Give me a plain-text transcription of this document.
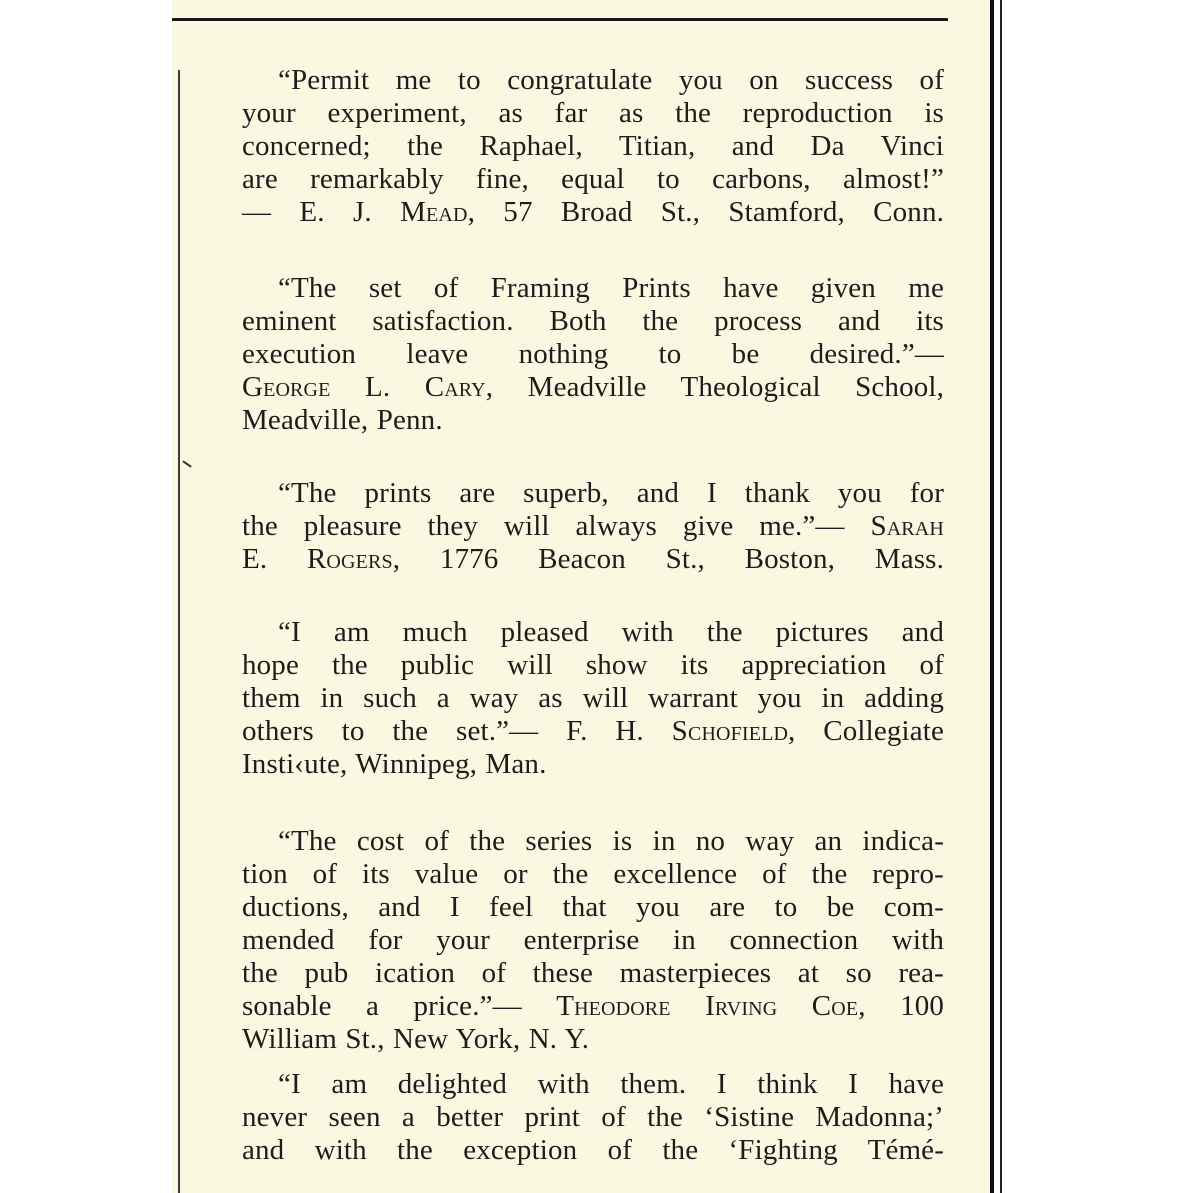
“Permit me to congratulate you on success of
your experiment, as far as the reproduction is
concerned; the Raphael, Titian, and Da Vinci
are remarkably fine, equal to carbons, almost!”
— E. J. Mead, 57 Broad St., Stamford, Conn.
“The set of Framing Prints have given me
eminent satisfaction. Both the process and its
execution leave nothing to be desired.”—
George L. Cary, Meadville Theological School,
Meadville, Penn.
“The prints are superb, and I thank you for
the pleasure they will always give me.”— Sarah
E. Rogers, 1776 Beacon St., Boston, Mass.
“I am much pleased with the pictures and
hope the public will show its appreciation of
them in such a way as will warrant you in adding
others to the set.”— F. H. Schofield, Collegiate
Insti‹ute, Winnipeg, Man.
“The cost of the series is in no way an indica-
tion of its value or the excellence of the repro-
ductions, and I feel that you are to be com-
mended for your enterprise in connection with
the pub ication of these masterpieces at so rea-
sonable a price.”— Theodore Irving Coe, 100
William St., New York, N. Y.
“I am delighted with them. I think I have
never seen a better print of the ‘Sistine Madonna;’
and with the exception of the ‘Fighting Témé-
